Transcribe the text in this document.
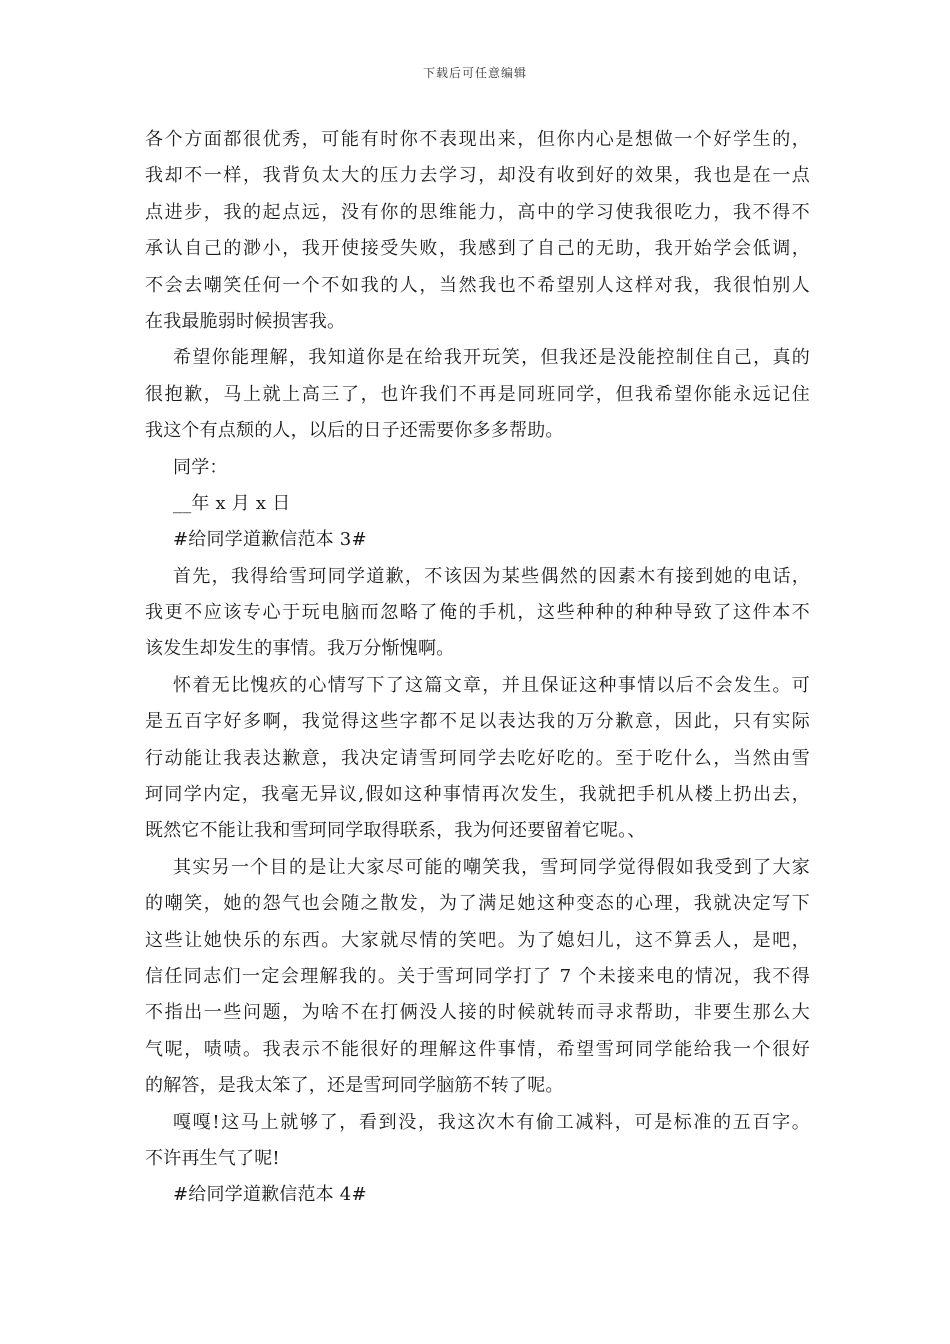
下载后可任意编辑
各个方面都很优秀，可能有时你不表现出来，但你内心是想做一个好学生的，
我却不一样，我背负太大的压力去学习，却没有收到好的效果，我也是在一点
点进步，我的起点远，没有你的思维能力，高中的学习使我很吃力，我不得不
承认自己的渺小，我开使接受失败，我感到了自己的无助，我开始学会低调，
不会去嘲笑任何一个不如我的人，当然我也不希望别人这样对我，我很怕别人
在我最脆弱时候损害我。
希望你能理解，我知道你是在给我开玩笑，但我还是没能控制住自己，真的
很抱歉，马上就上高三了，也许我们不再是同班同学，但我希望你能永远记住
我这个有点颓的人，以后的日子还需要你多多帮助。
同学：
__年 x 月 x 日
#给同学道歉信范本 3#
首先，我得给雪珂同学道歉，不该因为某些偶然的因素木有接到她的电话，
我更不应该专心于玩电脑而忽略了俺的手机，这些种种的种种导致了这件本不
该发生却发生的事情。我万分惭愧啊。
怀着无比愧疚的心情写下了这篇文章，并且保证这种事情以后不会发生。可
是五百字好多啊，我觉得这些字都不足以表达我的万分歉意，因此，只有实际
行动能让我表达歉意，我决定请雪珂同学去吃好吃的。至于吃什么，当然由雪
珂同学内定，我毫无异议,假如这种事情再次发生，我就把手机从楼上扔出去，
既然它不能让我和雪珂同学取得联系，我为何还要留着它呢。、
其实另一个目的是让大家尽可能的嘲笑我，雪珂同学觉得假如我受到了大家
的嘲笑，她的怨气也会随之散发，为了满足她这种变态的心理，我就决定写下
这些让她快乐的东西。大家就尽情的笑吧。为了媳妇儿，这不算丢人，是吧，
信任同志们一定会理解我的。关于雪珂同学打了 7 个未接来电的情况，我不得
不指出一些问题，为啥不在打俩没人接的时候就转而寻求帮助，非要生那么大
气呢，啧啧。我表示不能很好的理解这件事情，希望雪珂同学能给我一个很好
的解答，是我太笨了，还是雪珂同学脑筋不转了呢。
嘎嘎!这马上就够了，看到没，我这次木有偷工减料，可是标准的五百字。
不许再生气了呢!
#给同学道歉信范本 4#
